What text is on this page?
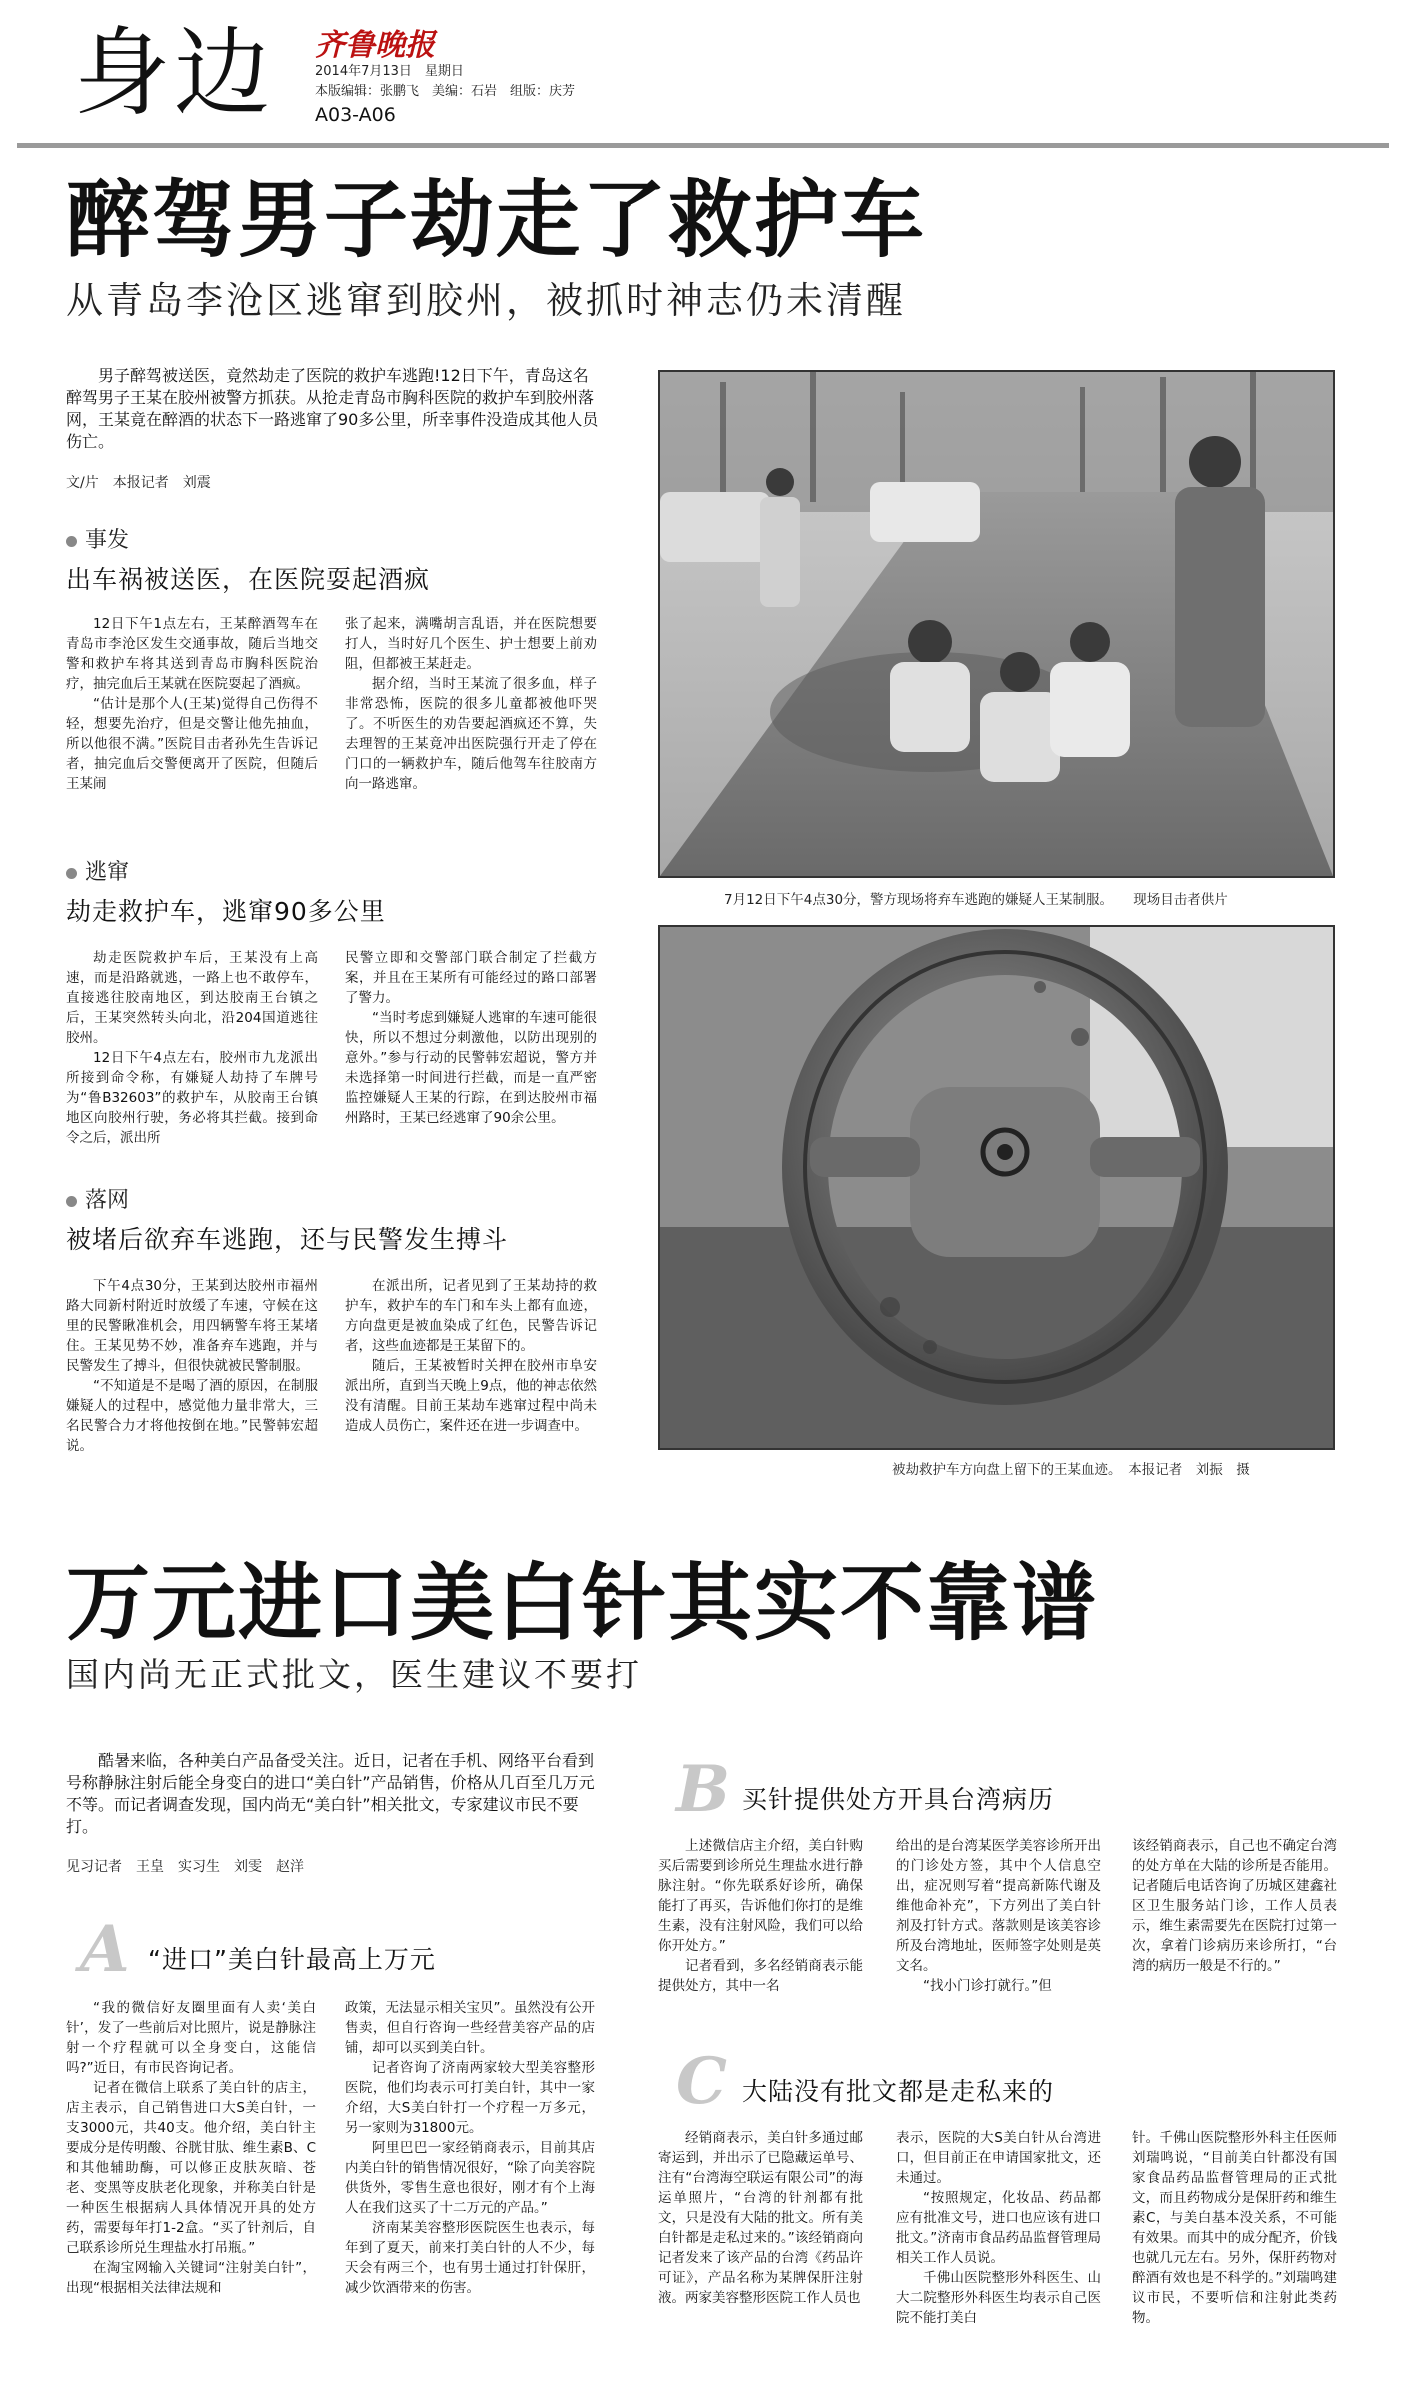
身边 齐鲁晚报
2014年7月13日　星期日
本版编辑：张鹏飞　美编：石岩　组版：庆芳
A03-A06
醉驾男子劫走了救护车
从青岛李沧区逃窜到胶州，被抓时神志仍未清醒
男子醉驾被送医，竟然劫走了医院的救护车逃跑!12日下午，青岛这名醉驾男子王某在胶州被警方抓获。从抢走青岛市胸科医院的救护车到胶州落网，王某竟在醉酒的状态下一路逃窜了90多公里，所幸事件没造成其他人员伤亡。
文/片　本报记者　刘震
事发
出车祸被送医，在医院耍起酒疯

12日下午1点左右，王某醉酒驾车在青岛市李沧区发生交通事故，随后当地交警和救护车将其送到青岛市胸科医院治疗，抽完血后王某就在医院耍起了酒疯。

“估计是那个人(王某)觉得自己伤得不轻，想要先治疗，但是交警让他先抽血，所以他很不满。”医院目击者孙先生告诉记者，抽完血后交警便离开了医院，但随后王某闹

张了起来，满嘴胡言乱语，并在医院想要打人，当时好几个医生、护士想要上前劝阻，但都被王某赶走。

据介绍，当时王某流了很多血，样子非常恐怖，医院的很多儿童都被他吓哭了。不听医生的劝告要起酒疯还不算，失去理智的王某竟冲出医院强行开走了停在门口的一辆救护车，随后他驾车往胶南方向一路逃窜。

逃窜
劫走救护车，逃窜90多公里

劫走医院救护车后，王某没有上高速，而是沿路就逃，一路上也不敢停车，直接逃往胶南地区，到达胶南王台镇之后，王某突然转头向北，沿204国道逃往胶州。

12日下午4点左右，胶州市九龙派出所接到命令称，有嫌疑人劫持了车牌号为“鲁B32603”的救护车，从胶南王台镇地区向胶州行驶，务必将其拦截。接到命令之后，派出所

民警立即和交警部门联合制定了拦截方案，并且在王某所有可能经过的路口部署了警力。

“当时考虑到嫌疑人逃窜的车速可能很快，所以不想过分刺激他，以防出现别的意外。”参与行动的民警韩宏超说，警方并未选择第一时间进行拦截，而是一直严密监控嫌疑人王某的行踪，在到达胶州市福州路时，王某已经逃窜了90余公里。

落网
被堵后欲弃车逃跑，还与民警发生搏斗

下午4点30分，王某到达胶州市福州路大同新村附近时放缓了车速，守候在这里的民警瞅准机会，用四辆警车将王某堵住。王某见势不妙，准备弃车逃跑，并与民警发生了搏斗，但很快就被民警制服。

“不知道是不是喝了酒的原因，在制服嫌疑人的过程中，感觉他力量非常大，三名民警合力才将他按倒在地。”民警韩宏超说。

在派出所，记者见到了王某劫持的救护车，救护车的车门和车头上都有血迹，方向盘更是被血染成了红色，民警告诉记者，这些血迹都是王某留下的。

随后，王某被暂时关押在胶州市阜安派出所，直到当天晚上9点，他的神志依然没有清醒。目前王某劫车逃窜过程中尚未造成人员伤亡，案件还在进一步调查中。

7月12日下午4点30分，警方现场将弃车逃跑的嫌疑人王某制服。　　现场目击者供片
被劫救护车方向盘上留下的王某血迹。　本报记者　刘振　摄
万元进口美白针其实不靠谱
国内尚无正式批文，医生建议不要打
酷暑来临，各种美白产品备受关注。近日，记者在手机、网络平台看到号称静脉注射后能全身变白的进口“美白针”产品销售，价格从几百至几万元不等。而记者调查发现，国内尚无“美白针”相关批文，专家建议市民不要打。
见习记者　王皇　实习生　刘雯　赵洋
A “进口”美白针最高上万元

“我的微信好友圈里面有人卖‘美白针’，发了一些前后对比照片，说是静脉注射一个疗程就可以全身变白，这能信吗?”近日，有市民咨询记者。

记者在微信上联系了美白针的店主，店主表示，自己销售进口大S美白针，一支3000元，共40支。他介绍，美白针主要成分是传明酸、谷胱甘肽、维生素B、C和其他辅助酶，可以修正皮肤灰暗、苍老、变黑等皮肤老化现象，并称美白针是一种医生根据病人具体情况开具的处方药，需要每年打1-2盒。“买了针剂后，自己联系诊所兑生理盐水打吊瓶。”

在淘宝网输入关键词“注射美白针”，出现“根据相关法律法规和

政策，无法显示相关宝贝”。虽然没有公开售卖，但自行咨询一些经营美容产品的店铺，却可以买到美白针。

记者咨询了济南两家较大型美容整形医院，他们均表示可打美白针，其中一家介绍，大S美白针打一个疗程一万多元，另一家则为31800元。

阿里巴巴一家经销商表示，目前其店内美白针的销售情况很好，“除了向美容院供货外，零售生意也很好，刚才有个上海人在我们这买了十二万元的产品。”

济南某美容整形医院医生也表示，每年到了夏天，前来打美白针的人不少，每天会有两三个，也有男士通过打针保肝，减少饮酒带来的伤害。

B 买针提供处方开具台湾病历

上述微信店主介绍，美白针购买后需要到诊所兑生理盐水进行静脉注射。“你先联系好诊所，确保能打了再买，告诉他们你打的是维生素，没有注射风险，我们可以给你开处方。”

记者看到，多名经销商表示能提供处方，其中一名

给出的是台湾某医学美容诊所开出的门诊处方签，其中个人信息空出，症况则写着“提高新陈代谢及维他命补充”，下方列出了美白针剂及打针方式。落款则是该美容诊所及台湾地址，医师签字处则是英文名。

“找小门诊打就行。”但

该经销商表示，自己也不确定台湾的处方单在大陆的诊所是否能用。记者随后电话咨询了历城区建鑫社区卫生服务站门诊，工作人员表示，维生素需要先在医院打过第一次，拿着门诊病历来诊所打，“台湾的病历一般是不行的。”

C 大陆没有批文都是走私来的

经销商表示，美白针多通过邮寄运到，并出示了已隐藏运单号、注有“台湾海空联运有限公司”的海运单照片，“台湾的针剂都有批文，只是没有大陆的批文。所有美白针都是走私过来的。”该经销商向记者发来了该产品的台湾《药品许可证》，产品名称为某牌保肝注射液。两家美容整形医院工作人员也

表示，医院的大S美白针从台湾进口，但目前正在申请国家批文，还未通过。

“按照规定，化妆品、药品都应有批准文号，进口也应该有进口批文。”济南市食品药品监督管理局相关工作人员说。

千佛山医院整形外科医生、山大二院整形外科医生均表示自己医院不能打美白

针。千佛山医院整形外科主任医师刘瑞鸣说，“目前美白针都没有国家食品药品监督管理局的正式批文，而且药物成分是保肝药和维生素C，与美白基本没关系，不可能有效果。而其中的成分配齐，价钱也就几元左右。另外，保肝药物对醉酒有效也是不科学的。”刘瑞鸣建议市民，不要听信和注射此类药物。
